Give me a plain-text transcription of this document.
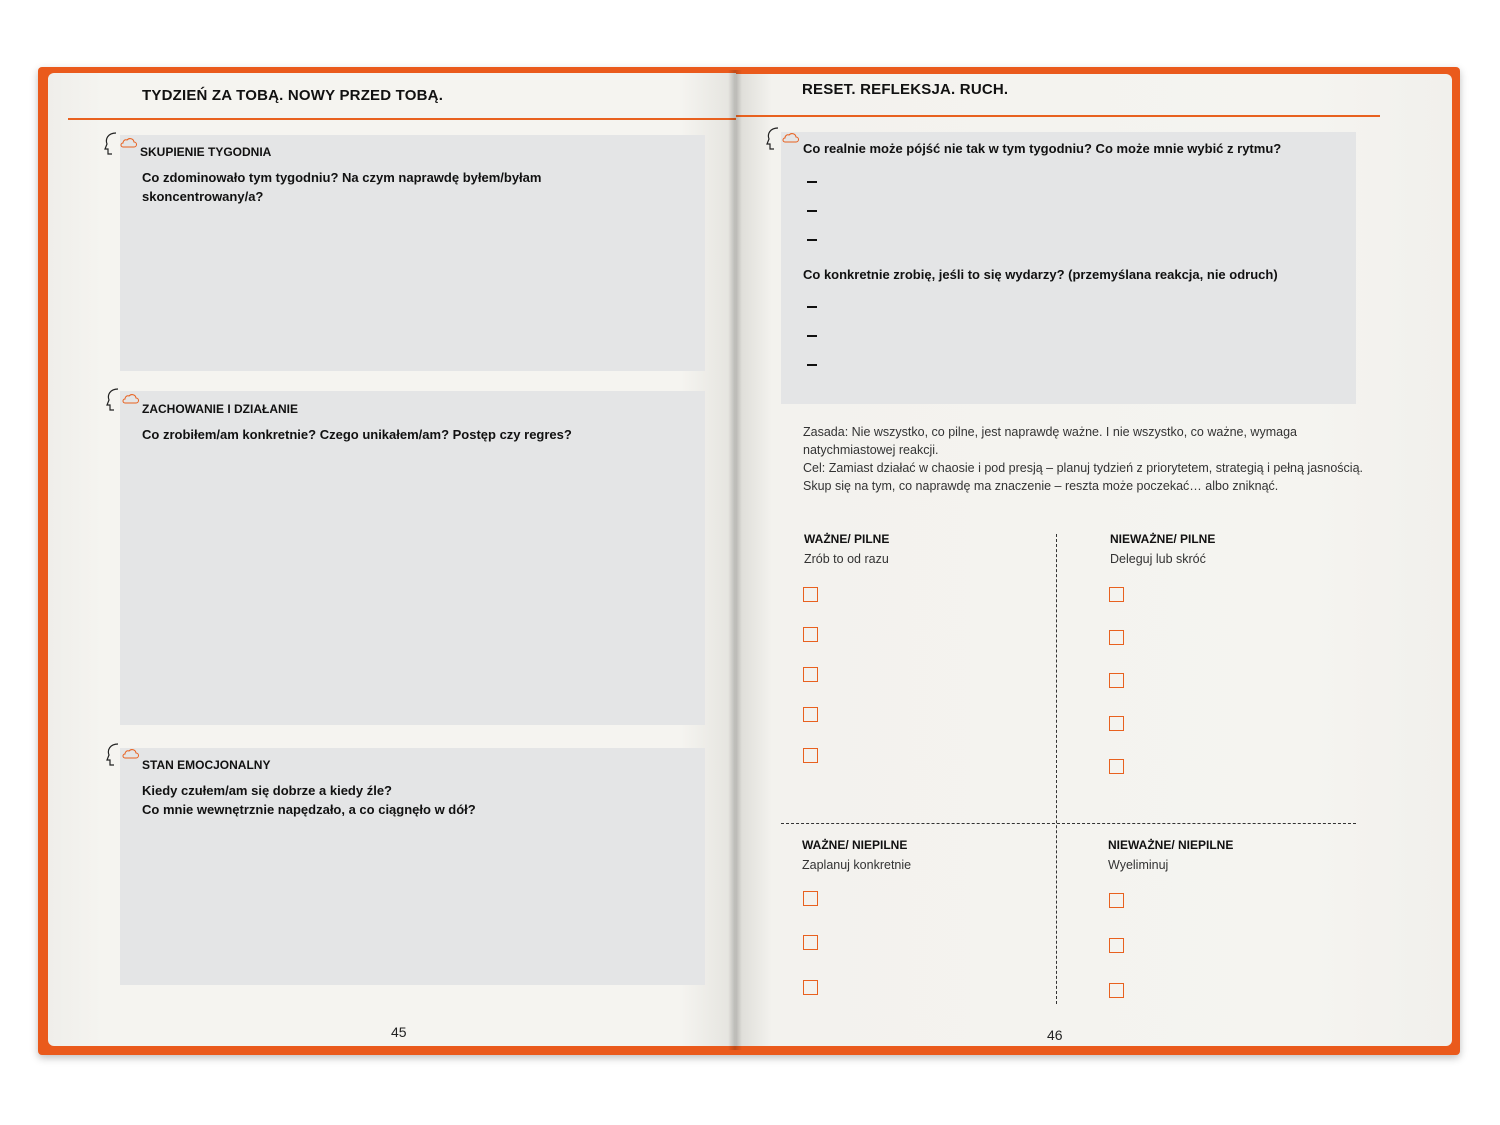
TYDZIEŃ ZA TOBĄ. NOWY PRZED TOBĄ.
SKUPIENIE TYGODNIA
Co zdominowało tym tygodniu? Na czym naprawdę byłem/byłam skoncentrowany/a?
ZACHOWANIE I DZIAŁANIE
Co zrobiłem/am konkretnie? Czego unikałem/am? Postęp czy regres?
STAN EMOCJONALNY
Kiedy czułem/am się dobrze a kiedy źle?
Co mnie wewnętrznie napędzało, a co ciągnęło w dół?
45
RESET. REFLEKSJA. RUCH.
Co realnie może pójść nie tak w tym tygodniu? Co może mnie wybić z rytmu?
Co konkretnie zrobię, jeśli to się wydarzy? (przemyślana reakcja, nie odruch)
Zasada: Nie wszystko, co pilne, jest naprawdę ważne. I nie wszystko, co ważne, wymaga natychmiastowej reakcji.
Cel: Zamiast działać w chaosie i pod presją – planuj tydzień z priorytetem, strategią i pełną jasnością. Skup się na tym, co naprawdę ma znaczenie – reszta może poczekać… albo zniknąć.
WAŻNE/ PILNE
Zrób to od razu
NIEWAŻNE/ PILNE
Deleguj lub skróć
WAŻNE/ NIEPILNE
Zaplanuj konkretnie
NIEWAŻNE/ NIEPILNE
Wyeliminuj
46
